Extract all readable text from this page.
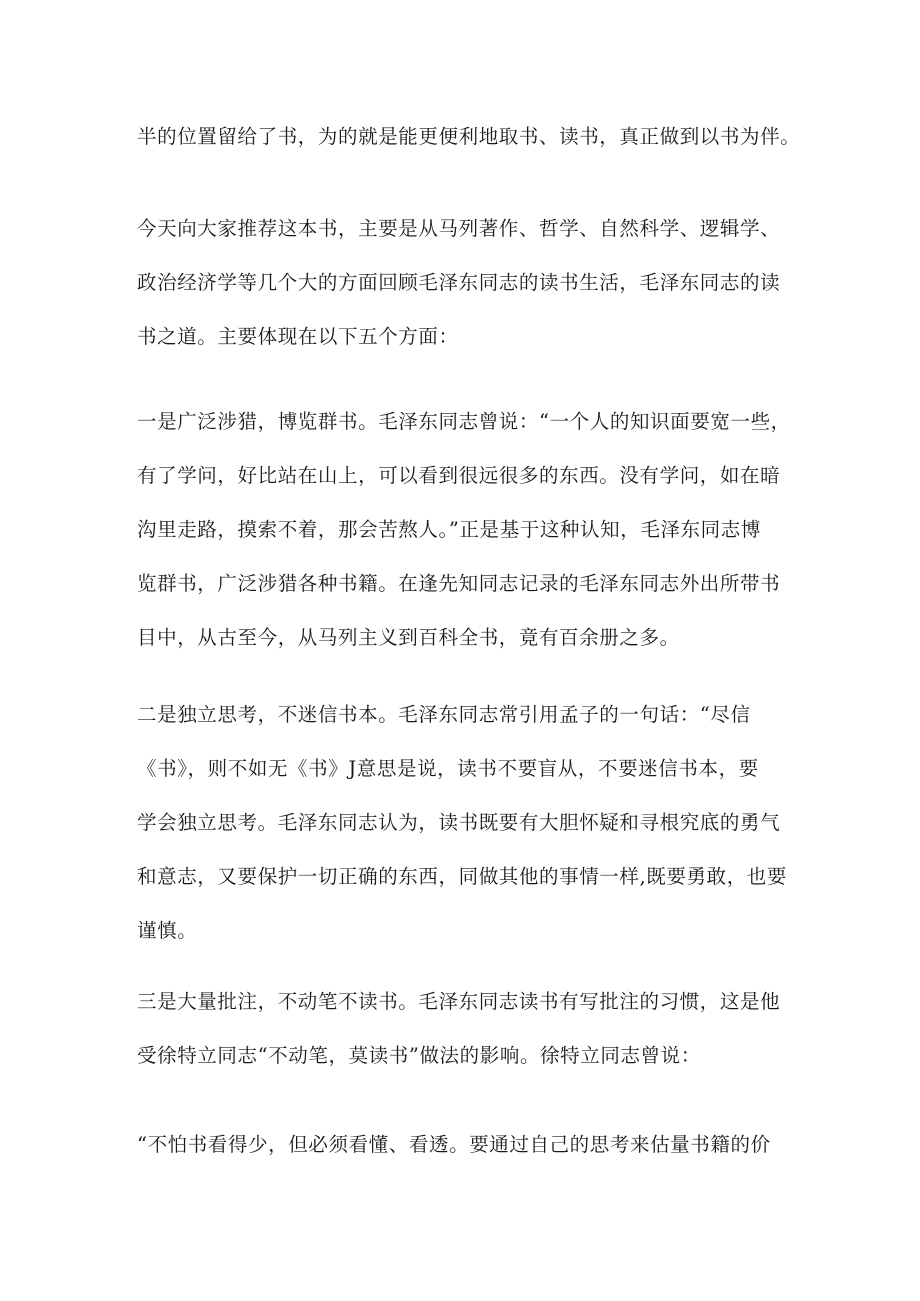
半的位置留给了书，为的就是能更便利地取书、读书，真正做到以书为伴。

今天向大家推荐这本书，主要是从马列著作、哲学、自然科学、逻辑学、
政治经济学等几个大的方面回顾毛泽东同志的读书生活，毛泽东同志的读
书之道。主要体现在以下五个方面：

一是广泛涉猎，博览群书。毛泽东同志曾说：“一个人的知识面要宽一些，
有了学问，好比站在山上，可以看到很远很多的东西。没有学问，如在暗
沟里走路，摸索不着，那会苦熬人。”正是基于这种认知，毛泽东同志博
览群书，广泛涉猎各种书籍。在逢先知同志记录的毛泽东同志外出所带书
目中，从古至今，从马列主义到百科全书，竟有百余册之多。

二是独立思考，不迷信书本。毛泽东同志常引用孟子的一句话：“尽信
《书》，则不如无《书》J意思是说，读书不要盲从，不要迷信书本，要
学会独立思考。毛泽东同志认为，读书既要有大胆怀疑和寻根究底的勇气
和意志，又要保护一切正确的东西，同做其他的事情一样,既要勇敢，也要
谨慎。

三是大量批注，不动笔不读书。毛泽东同志读书有写批注的习惯，这是他
受徐特立同志“不动笔，莫读书”做法的影响。徐特立同志曾说：

“不怕书看得少，但必须看懂、看透。要通过自己的思考来估量书籍的价
